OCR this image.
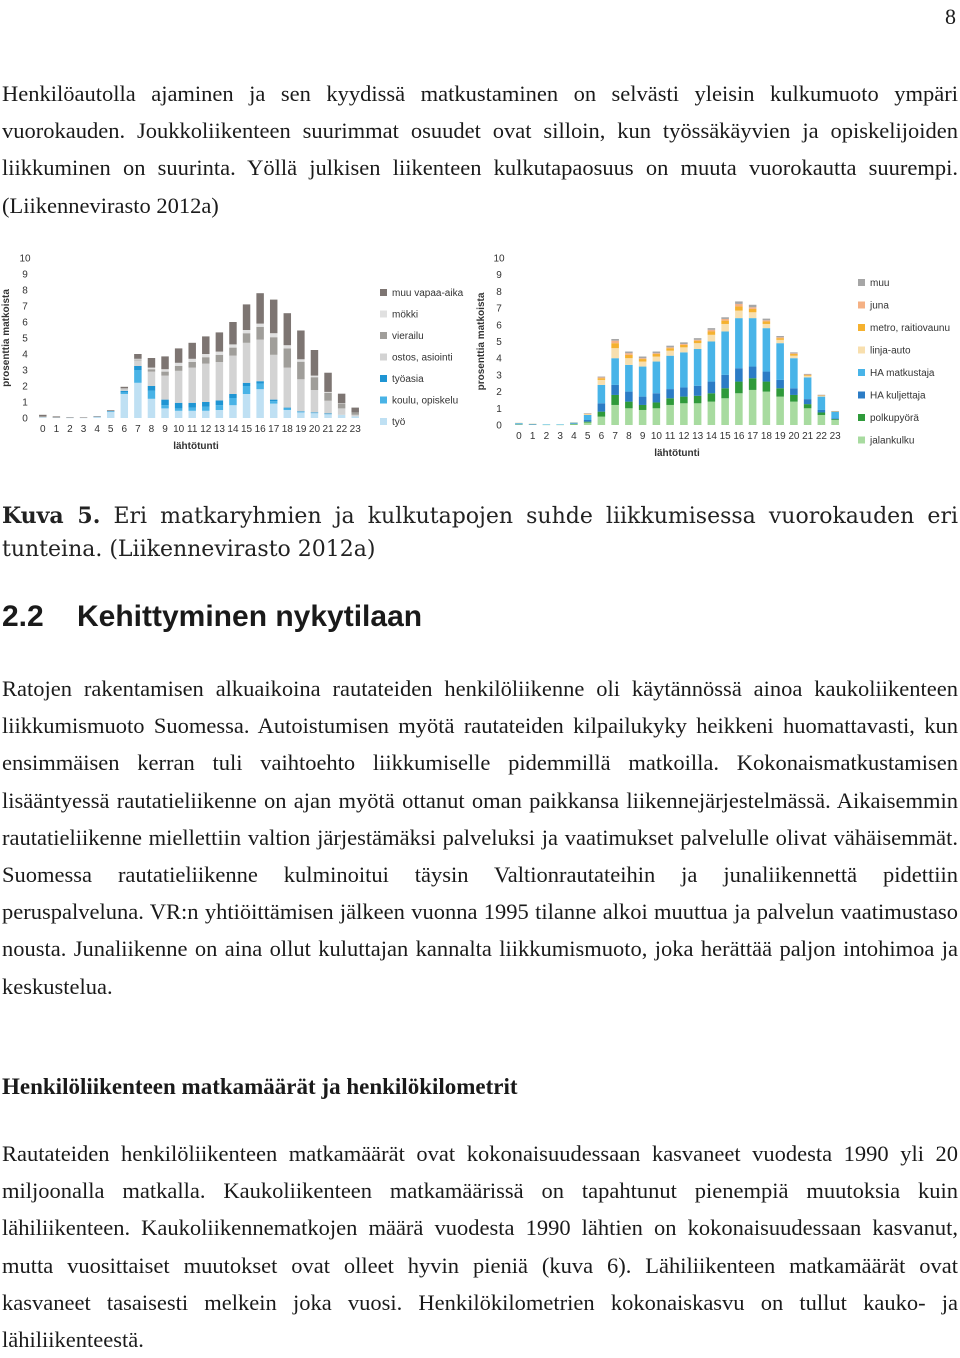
8

Henkilöautolla ajaminen ja sen kyydissä matkustaminen on selvästi yleisin kulkumuoto ympäri vuorokauden. Joukkoliikenteen suurimmat osuudet ovat silloin, kun työssäkäyvien ja opiskelijoiden liikkuminen on suurinta. Yöllä julkisen liikenteen kulkutapaosuus on muuta vuorokautta suurempi. (Liikennevirasto 2012a)

0
1
2
3
4
5
6
7
8
9
10
prosenttia matkoista
0 1 2 3 4 5 6 7 8 9 10 11 12 13 14 15 16 17 18 19 20 21 22 23
lähtötunti
muu vapaa-aika
mökki
vierailu
ostos, asiointi
työasia
koulu, opiskelu
työ	0
1
2
3
4
5
6
7
8
9
10
prosenttia matkoista
0 1 2 3 4 5 6 7 8 9 10 11 12 13 14 15 16 17 18 19 20 21 22 23
lähtötunti
muu
juna
metro, raitiovaunu
linja-auto
HA matkustaja
HA kuljettaja
polkupyörä
jalankulku

Kuva 5. Eri matkaryhmien ja kulkutapojen suhde liikkumisessa vuorokauden eri tunteina. (Liikennevirasto 2012a)

2.2 Kehittyminen nykytilaan

Ratojen rakentamisen alkuaikoina rautateiden henkilöliikenne oli käytännössä ainoa kaukoliikenteen liikkumismuoto Suomessa. Autoistumisen myötä rautateiden kilpailukyky heikkeni huomattavasti, kun ensimmäisen kerran tuli vaihtoehto liikkumiselle pidemmillä matkoilla. Kokonaismatkustamisen lisääntyessä rautatieliikenne on ajan myötä ottanut oman paikkansa liikennejärjestelmässä. Aikaisemmin rautatieliikenne miellettiin valtion järjestämäksi palveluksi ja vaatimukset palvelulle olivat vähäisemmät. Suomessa rautatieliikenne kulminoitui täysin Valtionrautateihin ja junaliikennettä pidettiin peruspalveluna. VR:n yhtiöittämisen jälkeen vuonna 1995 tilanne alkoi muuttua ja palvelun vaatimustaso nousta. Junaliikenne on aina ollut kuluttajan kannalta liikkumismuoto, joka herättää paljon intohimoa ja keskustelua.

Henkilöliikenteen matkamäärät ja henkilökilometrit

Rautateiden henkilöliikenteen matkamäärät ovat kokonaisuudessaan kasvaneet vuodesta 1990 yli 20 miljoonalla matkalla. Kaukoliikenteen matkamäärissä on tapahtunut pienempiä muutoksia kuin lähiliikenteen. Kaukoliikennematkojen määrä vuodesta 1990 lähtien on kokonaisuudessaan kasvanut, mutta vuosittaiset muutokset ovat olleet hyvin pieniä (kuva 6). Lähiliikenteen matkamäärät ovat kasvaneet tasaisesti melkein joka vuosi. Henkilökilometrien kokonaiskasvu on tullut kauko- ja lähiliikenteestä.
